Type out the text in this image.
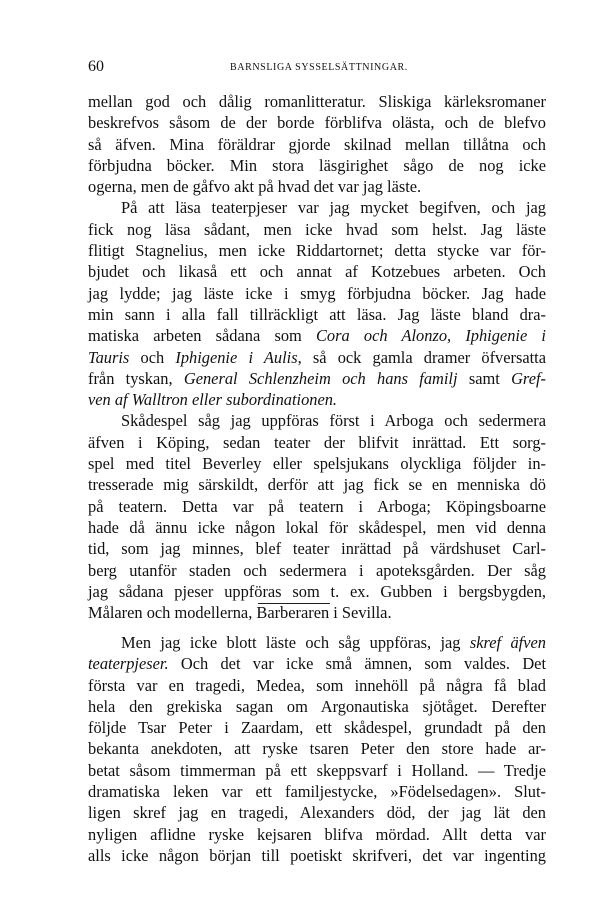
60	BARNSLIGA SYSSELSÄTTNINGAR.
mellan god och dålig romanlitteratur. Sliskiga kärleksromaner
beskrefvos såsom de der borde förblifva olästa, och de blefvo
så äfven. Mina föräldrar gjorde skilnad mellan tillåtna och
förbjudna böcker. Min stora läsgirighet sågo de nog icke
ogerna, men de gåfvo akt på hvad det var jag läste.
På att läsa teaterpjeser var jag mycket begifven, och jag
fick nog läsa sådant, men icke hvad som helst. Jag läste
flitigt Stagnelius, men icke Riddartornet; detta stycke var för-
bjudet och likaså ett och annat af Kotzebues arbeten. Och
jag lydde; jag läste icke i smyg förbjudna böcker. Jag hade
min sann i alla fall tillräckligt att läsa. Jag läste bland dra-
matiska arbeten sådana som Cora och Alonzo, Iphigenie i
Tauris och Iphigenie i Aulis, så ock gamla dramer öfversatta
från tyskan, General Schlenzheim och hans familj samt Gref-
ven af Walltron eller subordinationen.
Skådespel såg jag uppföras först i Arboga och sedermera
äfven i Köping, sedan teater der blifvit inrättad. Ett sorg-
spel med titel Beverley eller spelsjukans olyckliga följder in-
tresserade mig särskildt, derför att jag fick se en menniska dö
på teatern. Detta var på teatern i Arboga; Köpingsboarne
hade då ännu icke någon lokal för skådespel, men vid denna
tid, som jag minnes, blef teater inrättad på värdshuset Carl-
berg utanför staden och sedermera i apoteksgården. Der såg
jag sådana pjeser uppföras som t. ex. Gubben i bergsbygden,
Målaren och modellerna, Barberaren i Sevilla.
Men jag icke blott läste och såg uppföras, jag skref äfven
teaterpjeser. Och det var icke små ämnen, som valdes. Det
första var en tragedi, Medea, som innehöll på några få blad
hela den grekiska sagan om Argonautiska sjötåget. Derefter
följde Tsar Peter i Zaardam, ett skådespel, grundadt på den
bekanta anekdoten, att ryske tsaren Peter den store hade ar-
betat såsom timmerman på ett skeppsvarf i Holland. — Tredje
dramatiska leken var ett familjestycke, »Födelsedagen». Slut-
ligen skref jag en tragedi, Alexanders död, der jag lät den
nyligen aflidne ryske kejsaren blifva mördad. Allt detta var
alls icke någon början till poetiskt skrifveri, det var ingenting
